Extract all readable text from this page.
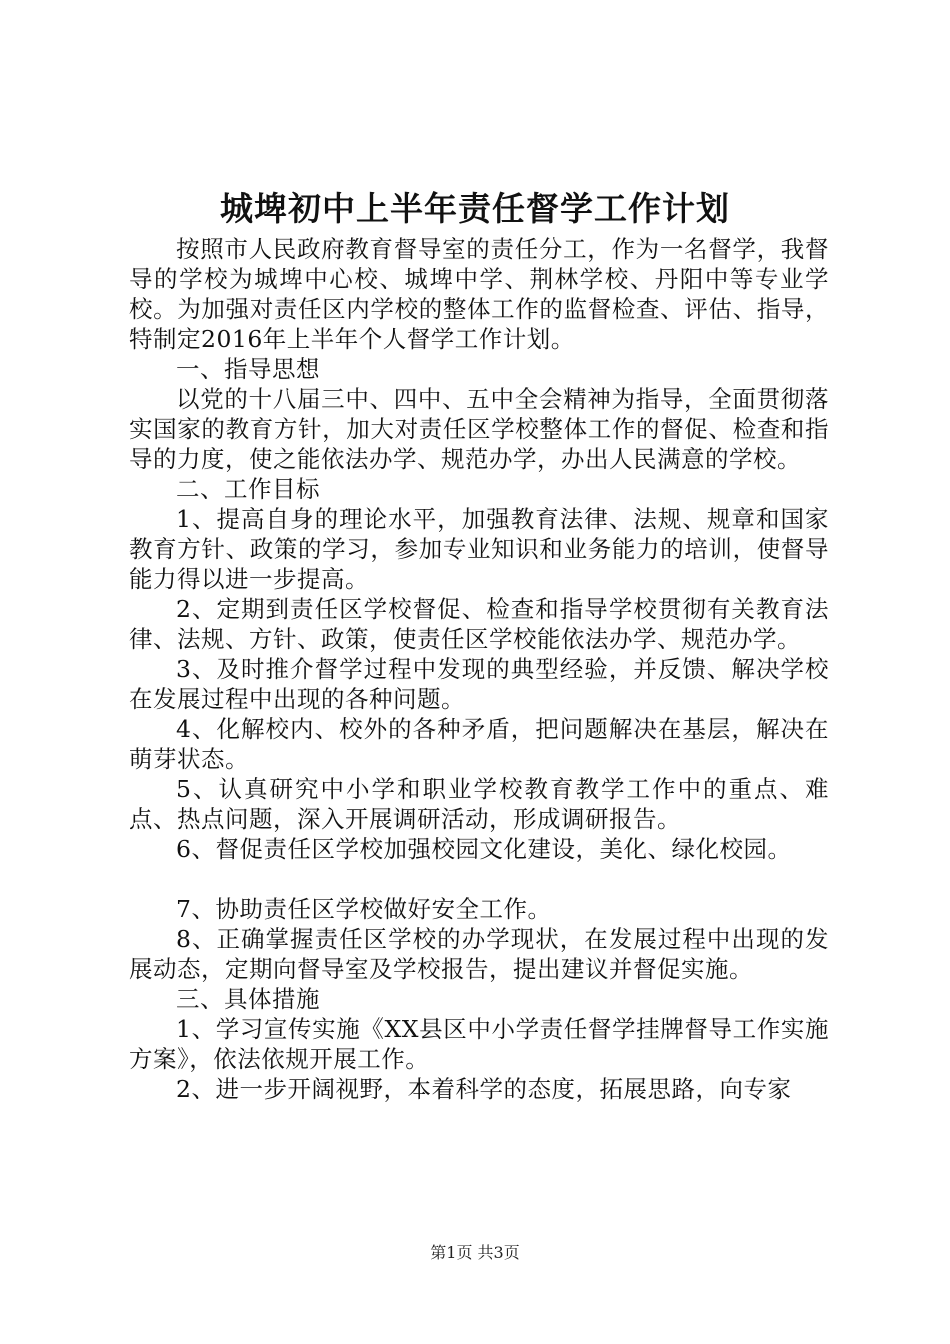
城埤初中上半年责任督学工作计划

按照市人民政府教育督导室的责任分工，作为一名督学，我督导的学校为城埤中心校、城埤中学、荆林学校、丹阳中等专业学校。为加强对责任区内学校的整体工作的监督检查、评估、指导，特制定2016年上半年个人督学工作计划。

一、指导思想

以党的十八届三中、四中、五中全会精神为指导，全面贯彻落实国家的教育方针，加大对责任区学校整体工作的督促、检查和指导的力度，使之能依法办学、规范办学，办出人民满意的学校。

二、工作目标

1、提高自身的理论水平，加强教育法律、法规、规章和国家教育方针、政策的学习，参加专业知识和业务能力的培训，使督导能力得以进一步提高。

2、定期到责任区学校督促、检查和指导学校贯彻有关教育法律、法规、方针、政策，使责任区学校能依法办学、规范办学。

3、及时推介督学过程中发现的典型经验，并反馈、解决学校在发展过程中出现的各种问题。

4、化解校内、校外的各种矛盾，把问题解决在基层，解决在萌芽状态。

5、认真研究中小学和职业学校教育教学工作中的重点、难点、热点问题，深入开展调研活动，形成调研报告。

6、督促责任区学校加强校园文化建设，美化、绿化校园。

7、协助责任区学校做好安全工作。

8、正确掌握责任区学校的办学现状，在发展过程中出现的发展动态，定期向督导室及学校报告，提出建议并督促实施。

三、具体措施

1、学习宣传实施《XX县区中小学责任督学挂牌督导工作实施方案》，依法依规开展工作。

2、进一步开阔视野，本着科学的态度，拓展思路，向专家

第1页 共3页
